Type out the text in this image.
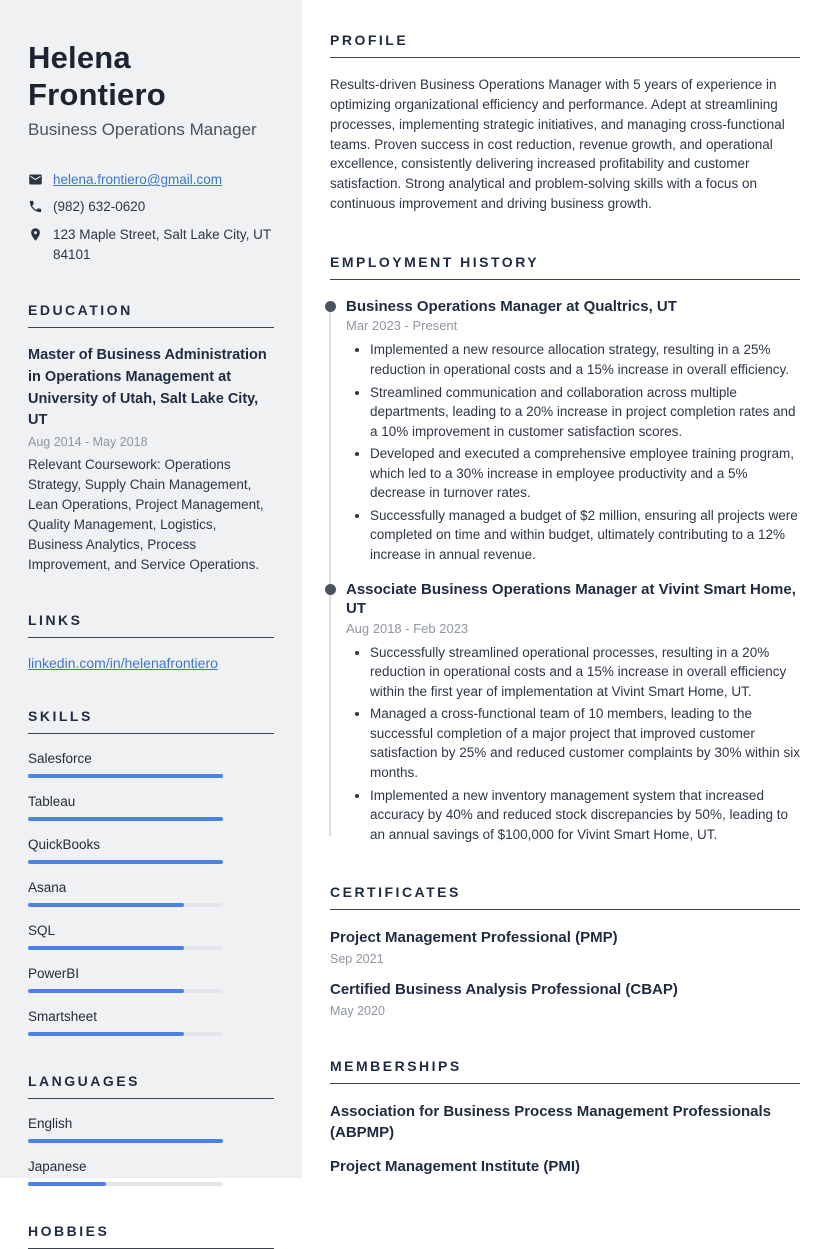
Helena Frontiero
Business Operations Manager
helena.frontiero@gmail.com
(982) 632-0620
123 Maple Street, Salt Lake City, UT 84101
EDUCATION
Master of Business Administration in Operations Management at University of Utah, Salt Lake City, UT
Aug 2014 - May 2018
Relevant Coursework: Operations Strategy, Supply Chain Management, Lean Operations, Project Management, Quality Management, Logistics, Business Analytics, Process Improvement, and Service Operations.
LINKS
linkedin.com/in/helenafrontiero
SKILLS
Salesforce
Tableau
QuickBooks
Asana
SQL
PowerBI
Smartsheet
LANGUAGES
English
Japanese
HOBBIES
PROFILE

Results-driven Business Operations Manager with 5 years of experience in optimizing organizational efficiency and performance. Adept at streamlining processes, implementing strategic initiatives, and managing cross-functional teams. Proven success in cost reduction, revenue growth, and operational excellence, consistently delivering increased profitability and customer satisfaction. Strong analytical and problem-solving skills with a focus on continuous improvement and driving business growth.

EMPLOYMENT HISTORY
Business Operations Manager at Qualtrics, UT
Mar 2023 - Present
• Implemented a new resource allocation strategy, resulting in a 25% reduction in operational costs and a 15% increase in overall efficiency.
• Streamlined communication and collaboration across multiple departments, leading to a 20% increase in project completion rates and a 10% improvement in customer satisfaction scores.
• Developed and executed a comprehensive employee training program, which led to a 30% increase in employee productivity and a 5% decrease in turnover rates.
• Successfully managed a budget of $2 million, ensuring all projects were completed on time and within budget, ultimately contributing to a 12% increase in annual revenue.
Associate Business Operations Manager at Vivint Smart Home, UT
Aug 2018 - Feb 2023
• Successfully streamlined operational processes, resulting in a 20% reduction in operational costs and a 15% increase in overall efficiency within the first year of implementation at Vivint Smart Home, UT.
• Managed a cross-functional team of 10 members, leading to the successful completion of a major project that improved customer satisfaction by 25% and reduced customer complaints by 30% within six months.
• Implemented a new inventory management system that increased accuracy by 40% and reduced stock discrepancies by 50%, leading to an annual savings of $100,000 for Vivint Smart Home, UT.
CERTIFICATES
Project Management Professional (PMP)
Sep 2021
Certified Business Analysis Professional (CBAP)
May 2020
MEMBERSHIPS
Association for Business Process Management Professionals (ABPMP)
Project Management Institute (PMI)
